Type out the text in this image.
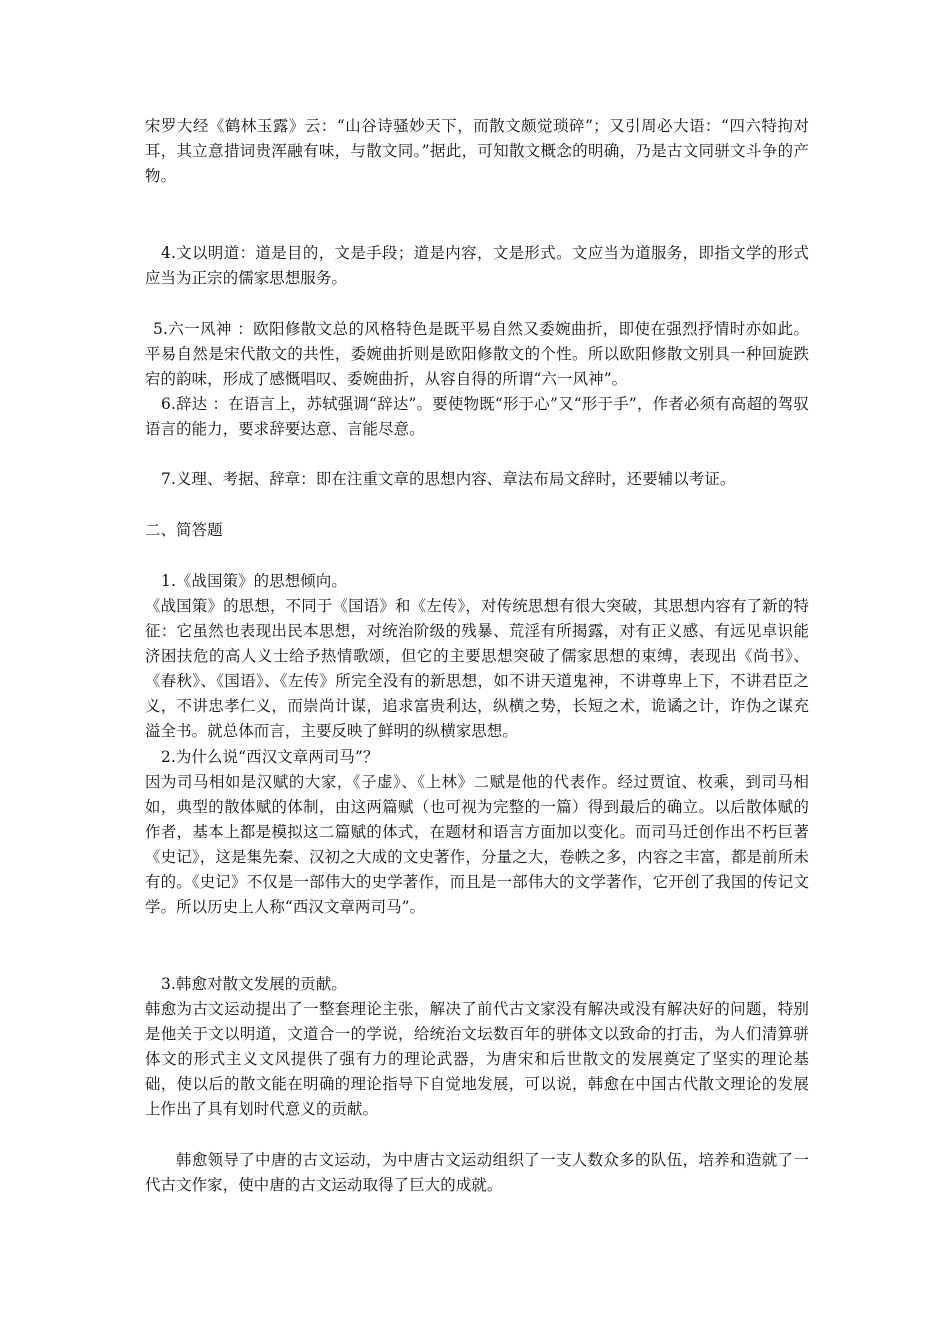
宋罗大经《鹤林玉露》云：“山谷诗骚妙天下，而散文颇觉琐碎”；又引周必大语：“四六特拘对耳，其立意措词贵浑融有味，与散文同。”据此，可知散文概念的明确，乃是古文同骈文斗争的产物。

4.文以明道：道是目的，文是手段；道是内容，文是形式。文应当为道服务，即指文学的形式应当为正宗的儒家思想服务。

5.六一风神 ：欧阳修散文总的风格特色是既平易自然又委婉曲折，即使在强烈抒情时亦如此。平易自然是宋代散文的共性，委婉曲折则是欧阳修散文的个性。所以欧阳修散文别具一种回旋跌宕的韵味，形成了感慨唱叹、委婉曲折，从容自得的所谓“六一风神”。

6.辞达 ：在语言上，苏轼强调“辞达”。要使物既“形于心”又“形于手”，作者必须有高超的驾驭语言的能力，要求辞要达意、言能尽意。

7.义理、考据、辞章：即在注重文章的思想内容、章法布局文辞时，还要辅以考证。

二、简答题

1.《战国策》的思想倾向。

《战国策》的思想，不同于《国语》和《左传》，对传统思想有很大突破，其思想内容有了新的特征：它虽然也表现出民本思想，对统治阶级的残暴、荒淫有所揭露，对有正义感、有远见卓识能济困扶危的高人义士给予热情歌颂，但它的主要思想突破了儒家思想的束缚，表现出《尚书》、《春秋》、《国语》、《左传》所完全没有的新思想，如不讲天道鬼神，不讲尊卑上下，不讲君臣之义，不讲忠孝仁义，而崇尚计谋，追求富贵利达，纵横之势，长短之术，诡谲之计，诈伪之谋充溢全书。就总体而言，主要反映了鲜明的纵横家思想。

2.为什么说“西汉文章两司马”？

因为司马相如是汉赋的大家，《子虚》、《上林》二赋是他的代表作。经过贾谊、枚乘，到司马相如，典型的散体赋的体制，由这两篇赋（也可视为完整的一篇）得到最后的确立。以后散体赋的作者，基本上都是模拟这二篇赋的体式，在题材和语言方面加以变化。而司马迁创作出不朽巨著《史记》，这是集先秦、汉初之大成的文史著作，分量之大，卷帙之多，内容之丰富，都是前所未有的。《史记》不仅是一部伟大的史学著作，而且是一部伟大的文学著作，它开创了我国的传记文学。所以历史上人称“西汉文章两司马”。

3.韩愈对散文发展的贡献。

韩愈为古文运动提出了一整套理论主张，解决了前代古文家没有解决或没有解决好的问题，特别是他关于文以明道，文道合一的学说，给统治文坛数百年的骈体文以致命的打击，为人们清算骈体文的形式主义文风提供了强有力的理论武器，为唐宋和后世散文的发展奠定了坚实的理论基础，使以后的散文能在明确的理论指导下自觉地发展，可以说，韩愈在中国古代散文理论的发展上作出了具有划时代意义的贡献。

韩愈领导了中唐的古文运动，为中唐古文运动组织了一支人数众多的队伍，培养和造就了一代古文作家，使中唐的古文运动取得了巨大的成就。
